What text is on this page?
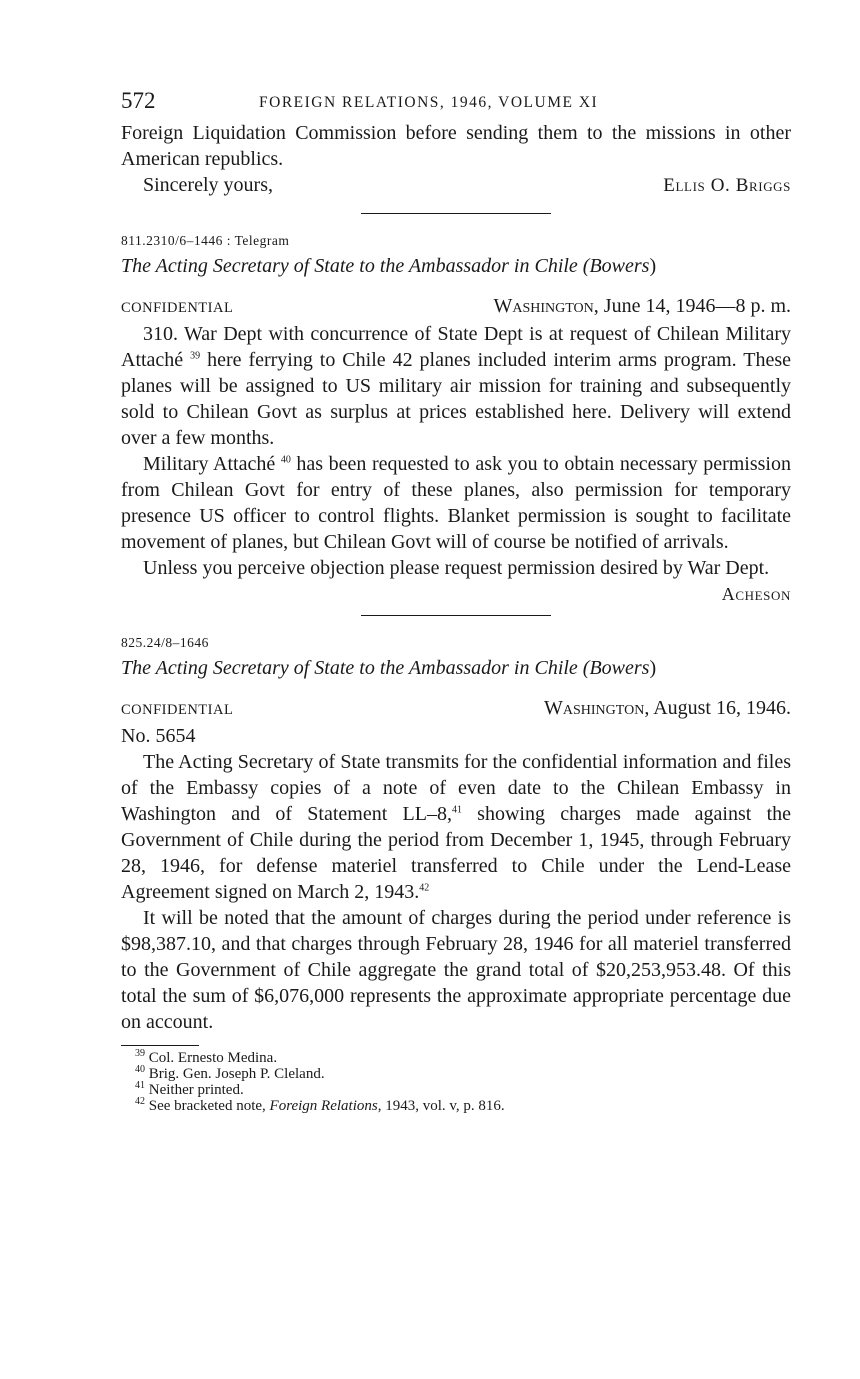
572	FOREIGN RELATIONS, 1946, VOLUME XI

Foreign Liquidation Commission before sending them to the missions in other American republics.

Sincerely yours,	Ellis O. Briggs
811.2310/6–1446 : Telegram
The Acting Secretary of State to the Ambassador in Chile (Bowers)
CONFIDENTIAL	Washington, June 14, 1946—8 p. m.

310. War Dept with concurrence of State Dept is at request of Chilean Military Attaché $^{39}$ here ferrying to Chile 42 planes included interim arms program. These planes will be assigned to US military air mission for training and subsequently sold to Chilean Govt as surplus at prices established here. Delivery will extend over a few months.

Military Attaché $^{40}$ has been requested to ask you to obtain necessary permission from Chilean Govt for entry of these planes, also permission for temporary presence US officer to control flights. Blanket permission is sought to facilitate movement of planes, but Chilean Govt will of course be notified of arrivals.

Unless you perceive objection please request permission desired by War Dept.

Acheson
825.24/8–1646
The Acting Secretary of State to the Ambassador in Chile (Bowers)
CONFIDENTIAL	Washington, August 16, 1946.
No. 5654

The Acting Secretary of State transmits for the confidential information and files of the Embassy copies of a note of even date to the Chilean Embassy in Washington and of Statement LL–8,41 showing charges made against the Government of Chile during the period from December 1, 1945, through February 28, 1946, for defense materiel transferred to Chile under the Lend-Lease Agreement signed on March 2, 1943.42

It will be noted that the amount of charges during the period under reference is $98,387.10, and that charges through February 28, 1946 for all materiel transferred to the Government of Chile aggregate the grand total of $20,253,953.48. Of this total the sum of $6,076,000 represents the approximate appropriate percentage due on account.

$^{39}$ Col. Ernesto Medina.
$^{40}$ Brig. Gen. Joseph P. Cleland.
$^{41}$ Neither printed.
$^{42}$ See bracketed note, Foreign Relations, 1943, vol. v, p. 816.
